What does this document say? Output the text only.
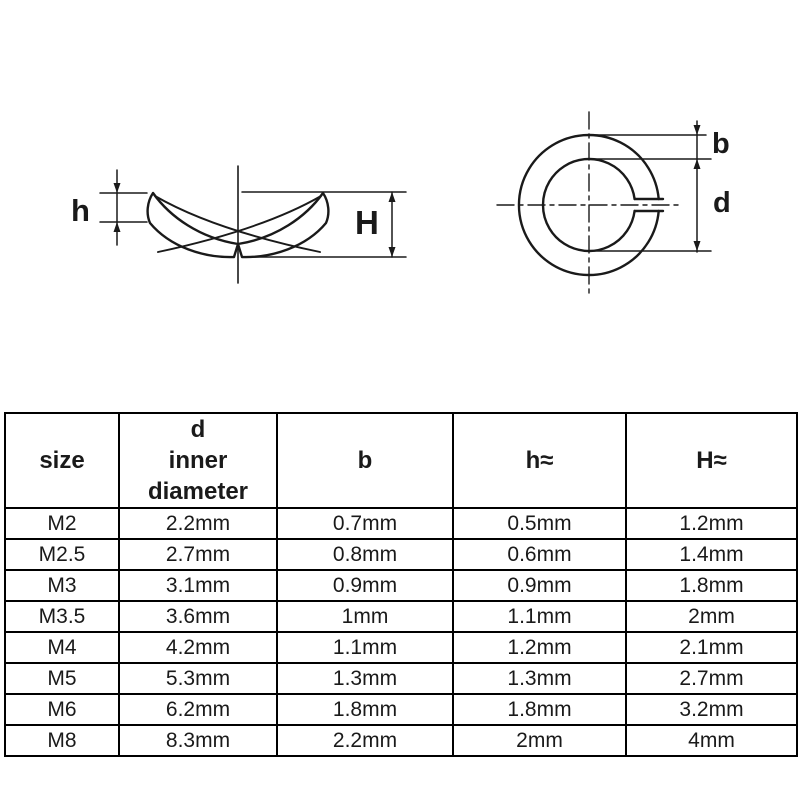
h	H
b
d
size	d
inner
diameter	b	h≈	H≈
M2	2.2mm	0.7mm	0.5mm	1.2mm
M2.5	2.7mm	0.8mm	0.6mm	1.4mm
M3	3.1mm	0.9mm	0.9mm	1.8mm
M3.5	3.6mm	1mm	1.1mm	2mm
M4	4.2mm	1.1mm	1.2mm	2.1mm
M5	5.3mm	1.3mm	1.3mm	2.7mm
M6	6.2mm	1.8mm	1.8mm	3.2mm
M8	8.3mm	2.2mm	2mm	4mm
